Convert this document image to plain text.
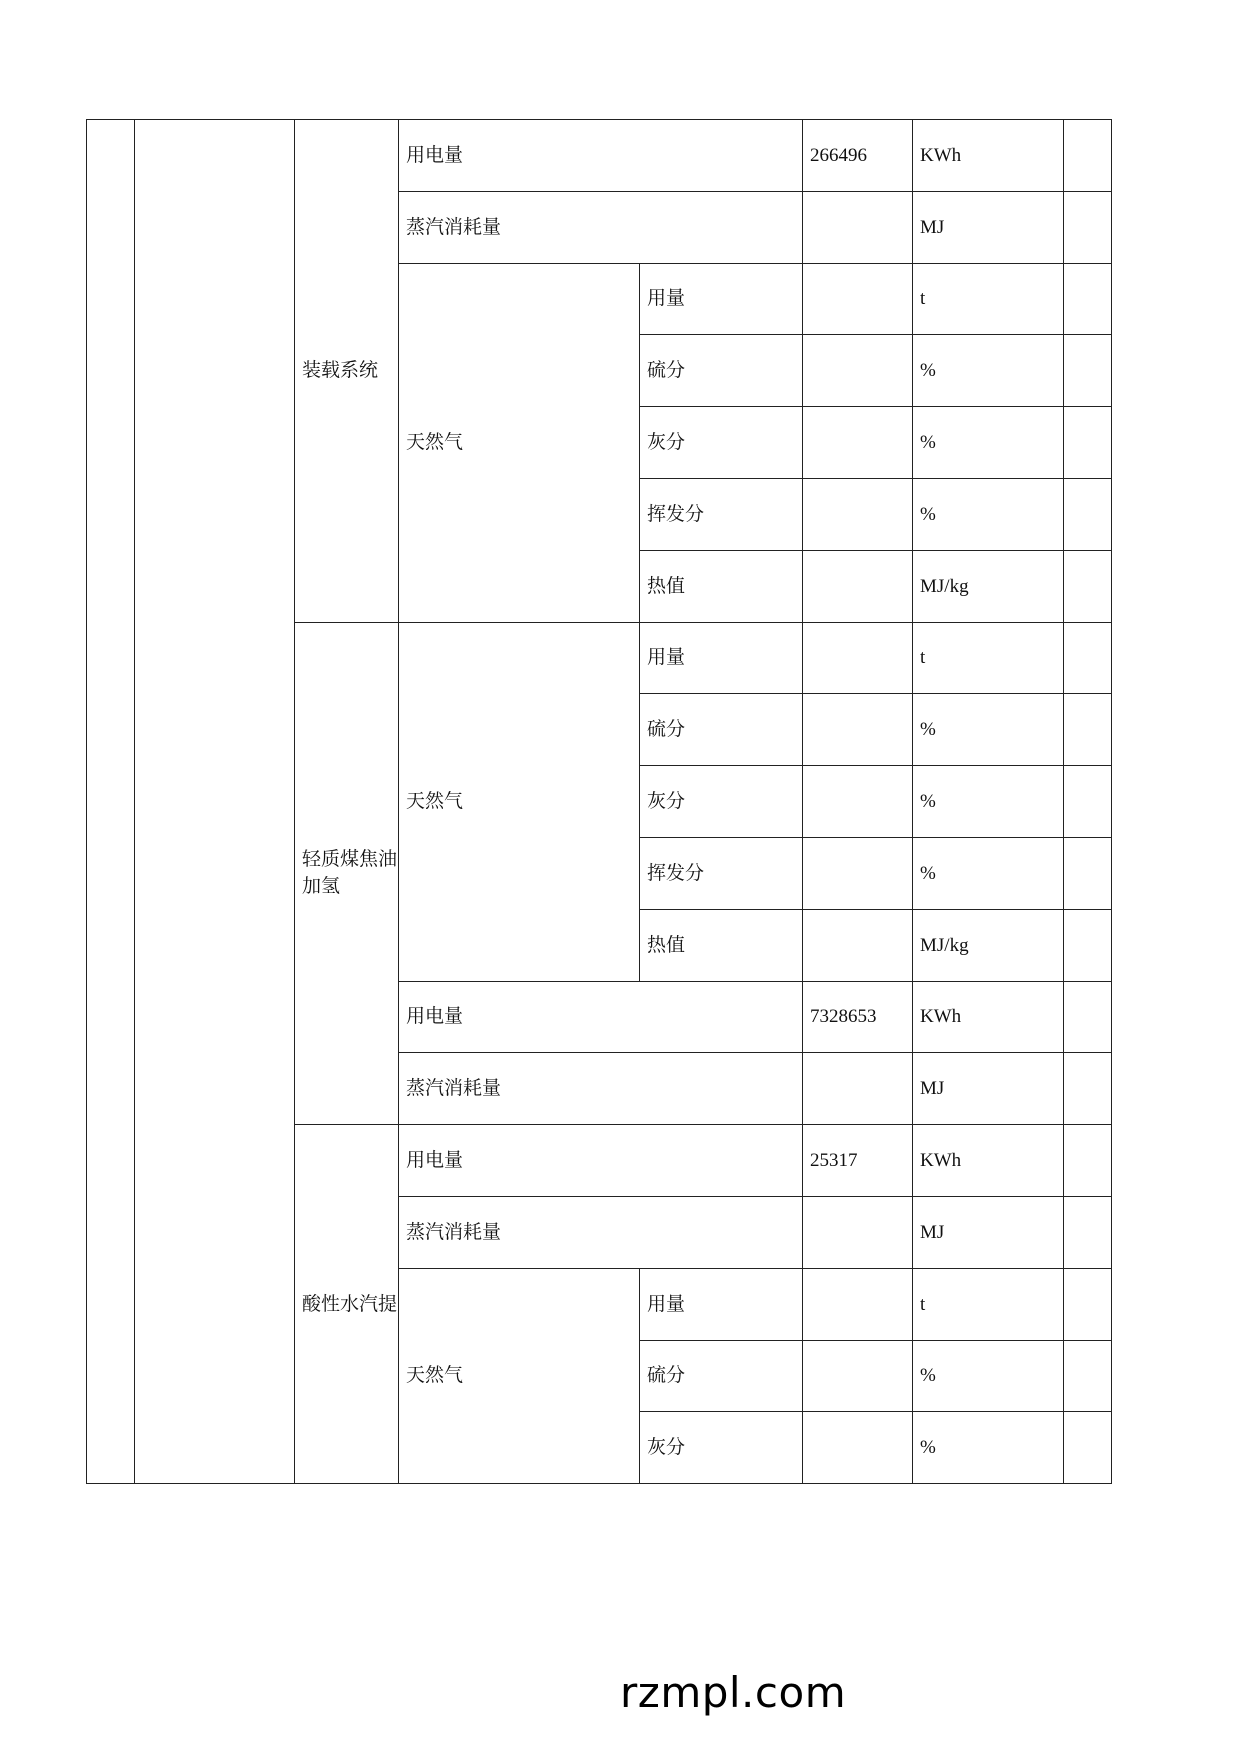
		装载系统	用电量		266496	KWh	
			蒸汽消耗量			MJ	
			天然气	用量		t	
				硫分		%	
				灰分		%	
				挥发分		%	
				热值		MJ/kg	
		轻质煤焦油加氢	天然气	用量		t	
				硫分		%	
				灰分		%	
				挥发分		%	
				热值		MJ/kg	
			用电量		7328653	KWh	
			蒸汽消耗量			MJ	
		酸性水汽提	用电量		25317	KWh	
			蒸汽消耗量			MJ	
			天然气	用量		t	
				硫分		%	
				灰分		%	
rzmpl.com
